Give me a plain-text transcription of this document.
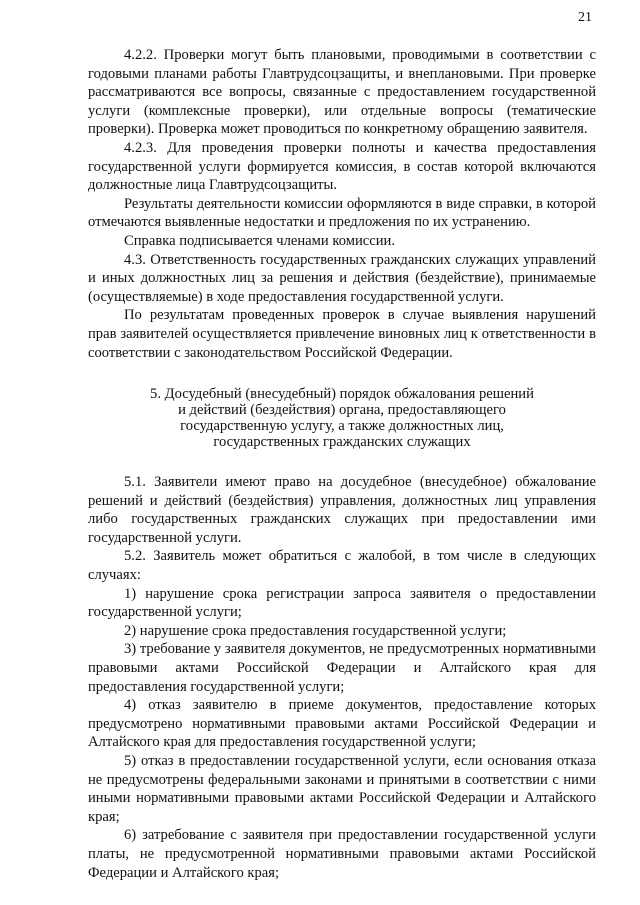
21

4.2.2. Проверки могут быть плановыми, проводимыми в соответствии с годовыми планами работы Главтрудсоцзащиты, и внеплановыми. При проверке рассматриваются все вопросы, связанные с предоставлением государственной услуги (комплексные проверки), или отдельные вопросы (тематические проверки). Проверка может проводиться по конкретному обращению заявителя.

4.2.3. Для проведения проверки полноты и качества предоставления государственной услуги формируется комиссия, в состав которой включаются должностные лица Главтрудсоцзащиты.

Результаты деятельности комиссии оформляются в виде справки, в которой отмечаются выявленные недостатки и предложения по их устранению.

Справка подписывается членами комиссии.

4.3. Ответственность государственных гражданских служащих управлений и иных должностных лиц за решения и действия (бездействие), принимаемые (осуществляемые) в ходе предоставления государственной услуги.

По результатам проведенных проверок в случае выявления нарушений прав заявителей осуществляется привлечение виновных лиц к ответственности в соответствии с законодательством Российской Федерации.

5. Досудебный (внесудебный) порядок обжалования решений
и действий (бездействия) органа, предоставляющего
государственную услугу, а также должностных лиц,
государственных гражданских служащих

5.1. Заявители имеют право на досудебное (внесудебное) обжалование решений и действий (бездействия) управления, должностных лиц управления либо государственных гражданских служащих при предоставлении ими государственной услуги.

5.2. Заявитель может обратиться с жалобой, в том числе в следующих случаях:

1) нарушение срока регистрации запроса заявителя о предоставлении государственной услуги;

2) нарушение срока предоставления государственной услуги;

3) требование у заявителя документов, не предусмотренных нормативными правовыми актами Российской Федерации и Алтайского края для предоставления государственной услуги;

4) отказ заявителю в приеме документов, предоставление которых предусмотрено нормативными правовыми актами Российской Федерации и Алтайского края для предоставления государственной услуги;

5) отказ в предоставлении государственной услуги, если основания отказа не предусмотрены федеральными законами и принятыми в соответствии с ними иными нормативными правовыми актами Российской Федерации и Алтайского края;

6) затребование с заявителя при предоставлении государственной услуги платы, не предусмотренной нормативными правовыми актами Российской Федерации и Алтайского края;
